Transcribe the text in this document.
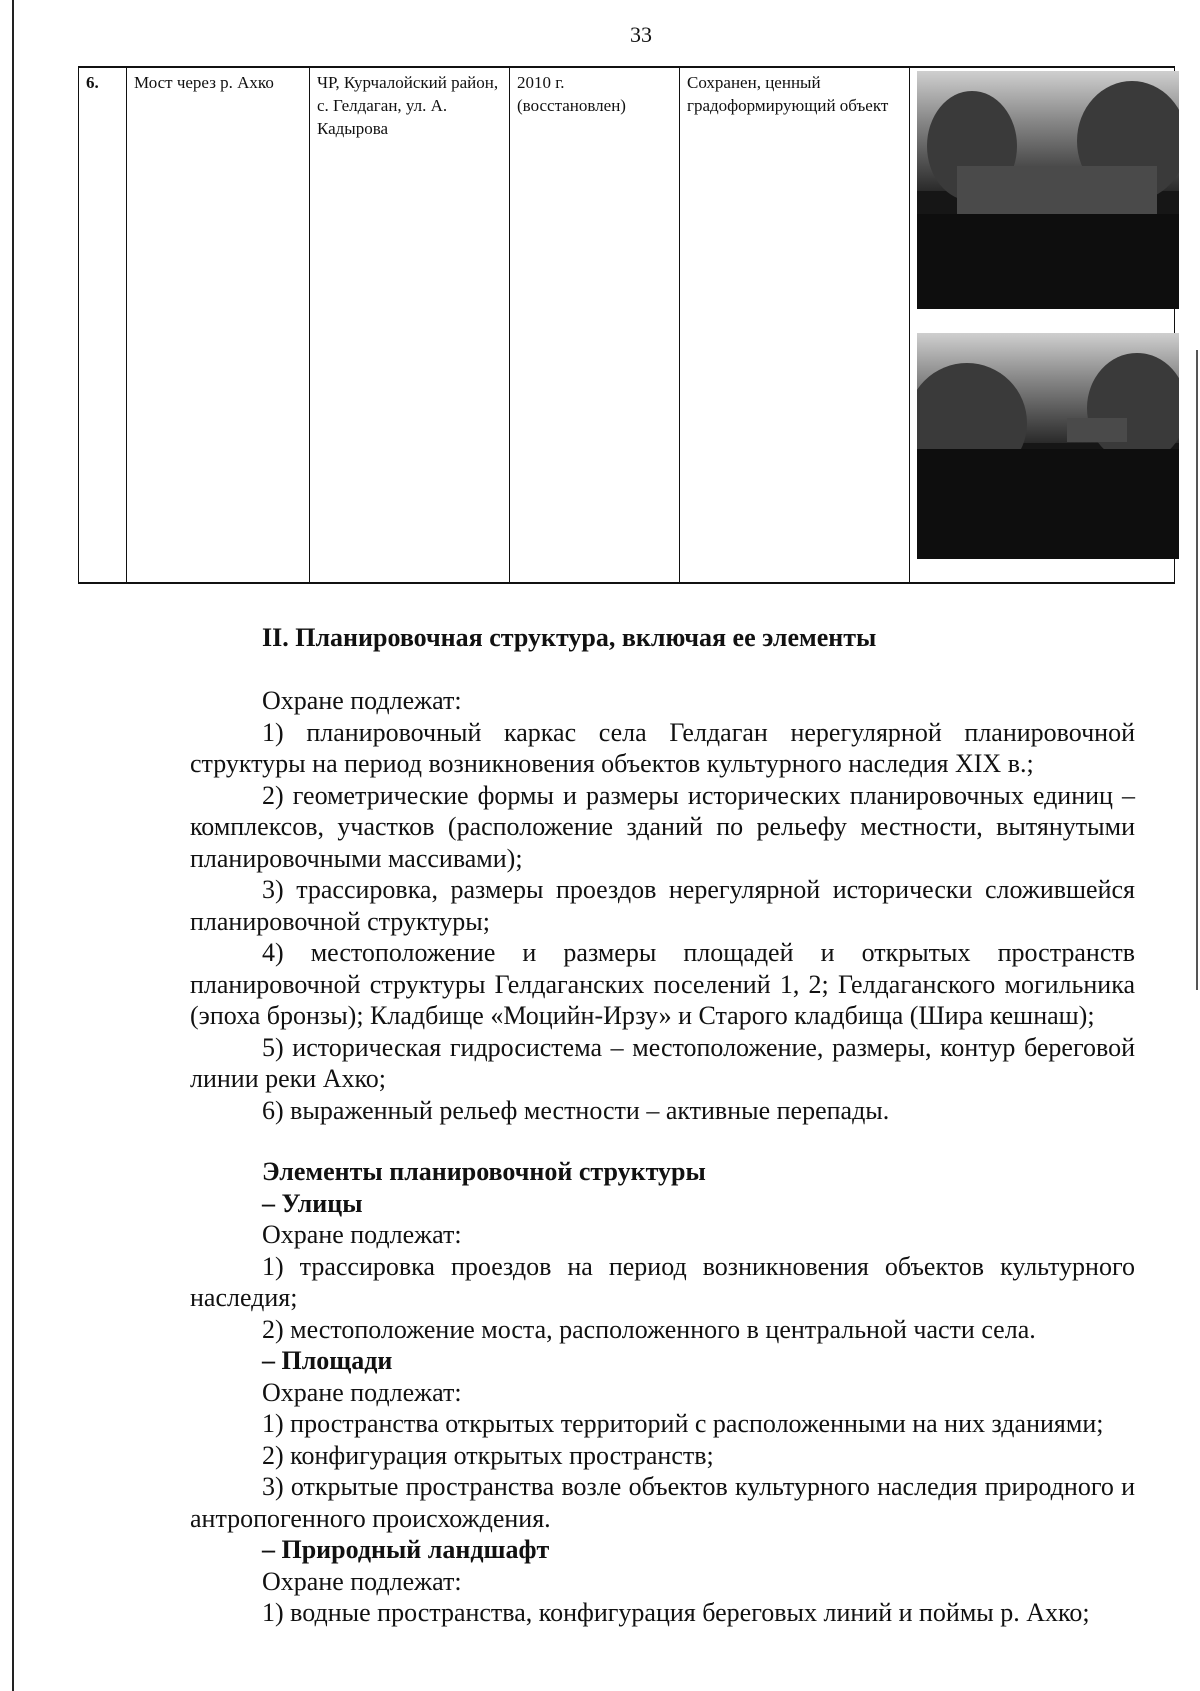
33
6.	Мост через р. Ахко	ЧР, Курчалойский район, с. Гелдаган, ул. А. Кадырова	2010 г. (восстановлен)	Сохранен, ценный градоформирующий объект	
II. Планировочная структура, включая ее элементы

Охране подлежат:

1) планировочный каркас села Гелдаган нерегулярной планировочной структуры на период возникновения объектов культурного наследия XIX в.;

2) геометрические формы и размеры исторических планировочных единиц – комплексов, участков (расположение зданий по рельефу местности, вытянутыми планировочными массивами);

3) трассировка, размеры проездов нерегулярной исторически сложившейся планировочной структуры;

4) местоположение и размеры площадей и открытых пространств планировочной структуры Гелдаганских поселений 1, 2; Гелдаганского могильника (эпоха бронзы); Кладбище «Моцийн-Ирзу» и Старого кладбища (Шира кешнаш);

5) историческая гидросистема – местоположение, размеры, контур береговой линии реки Ахко;

6) выраженный рельеф местности – активные перепады.

Элементы планировочной структуры

– Улицы

Охране подлежат:

1) трассировка проездов на период возникновения объектов культурного наследия;

2) местоположение моста, расположенного в центральной части села.

– Площади

Охране подлежат:

1) пространства открытых территорий с расположенными на них зданиями;

2) конфигурация открытых пространств;

3) открытые пространства возле объектов культурного наследия природного и антропогенного происхождения.

– Природный ландшафт

Охране подлежат:

1) водные пространства, конфигурация береговых линий и поймы р. Ахко;
